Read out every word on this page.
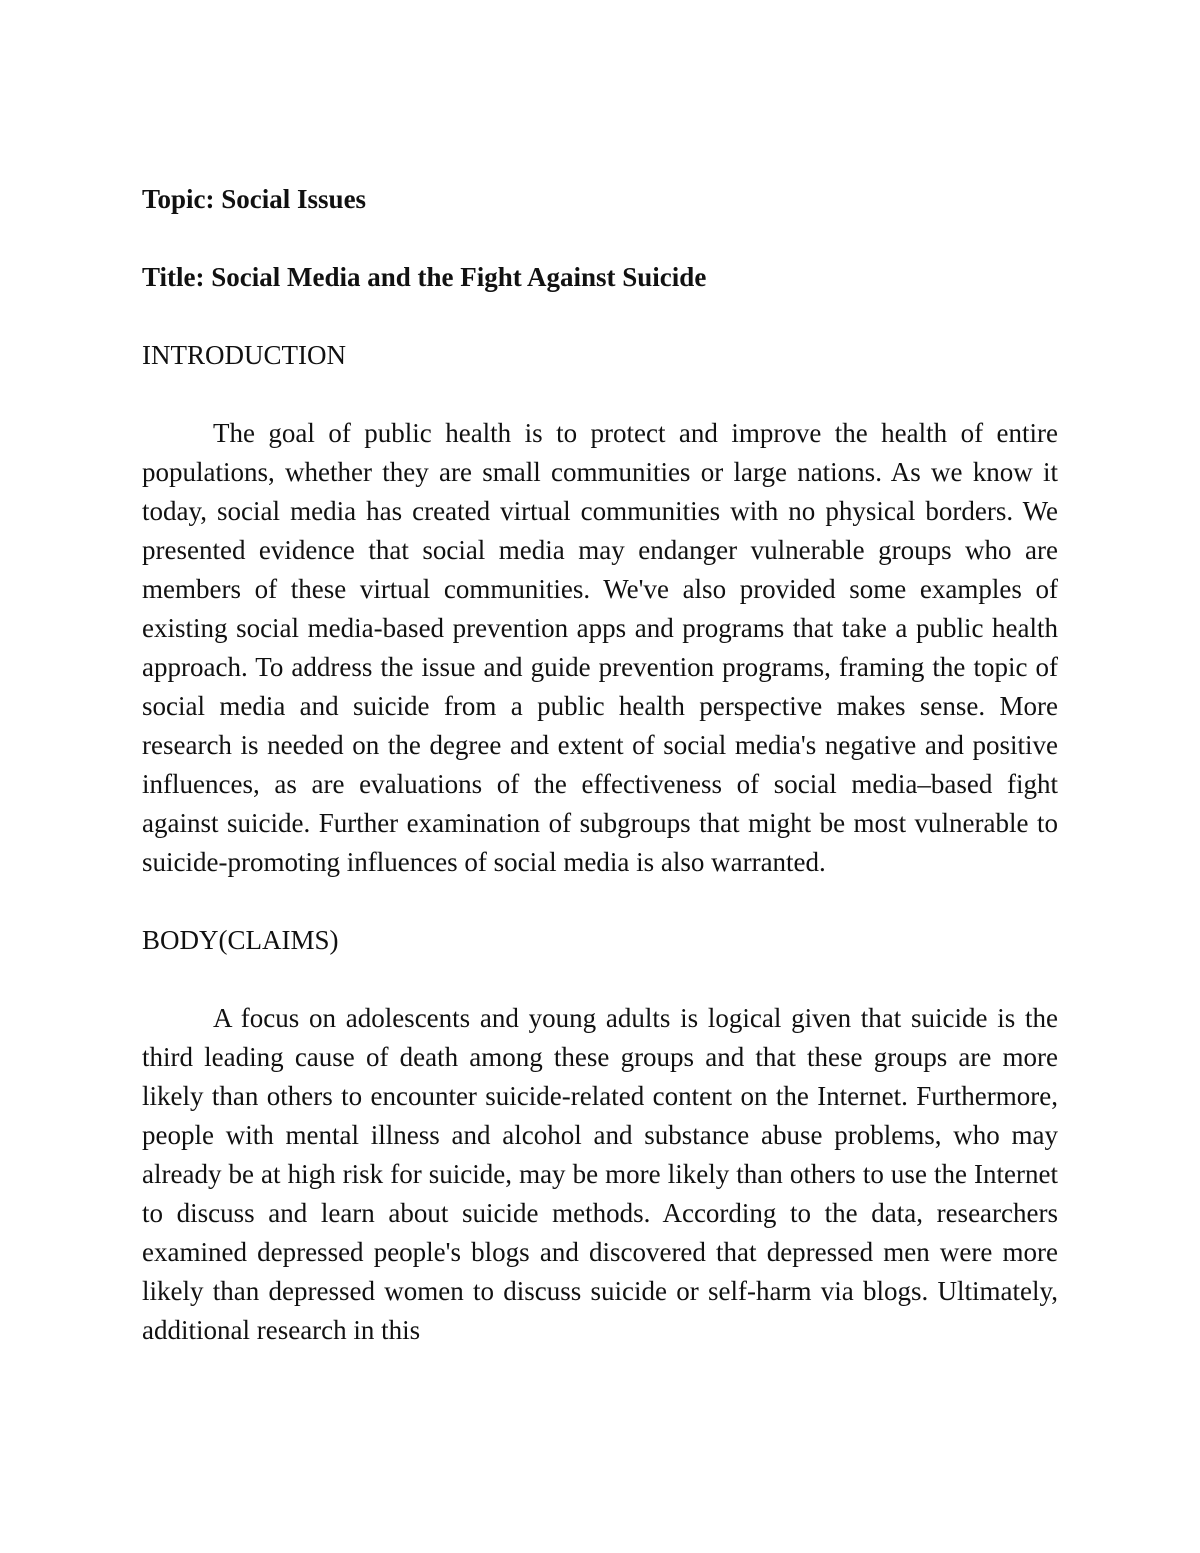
Topic: Social Issues
Title: Social Media and the Fight Against Suicide
INTRODUCTION

The goal of public health is to protect and improve the health of entire populations, whether they are small communities or large nations. As we know it today, social media has created virtual communities with no physical borders. We presented evidence that social media may endanger vulnerable groups who are members of these virtual communities. We've also provided some examples of existing social media-based prevention apps and programs that take a public health approach. To address the issue and guide prevention programs, framing the topic of social media and suicide from a public health perspective makes sense. More research is needed on the degree and extent of social media's negative and positive influences, as are evaluations of the effectiveness of social media–based fight against suicide. Further examination of subgroups that might be most vulnerable to suicide-promoting influences of social media is also warranted.

BODY(CLAIMS)

A focus on adolescents and young adults is logical given that suicide is the third leading cause of death among these groups and that these groups are more likely than others to encounter suicide-related content on the Internet. Furthermore, people with mental illness and alcohol and substance abuse problems, who may already be at high risk for suicide, may be more likely than others to use the Internet to discuss and learn about suicide methods. According to the data, researchers examined depressed people's blogs and discovered that depressed men were more likely than depressed women to discuss suicide or self-harm via blogs. Ultimately, additional research in this
